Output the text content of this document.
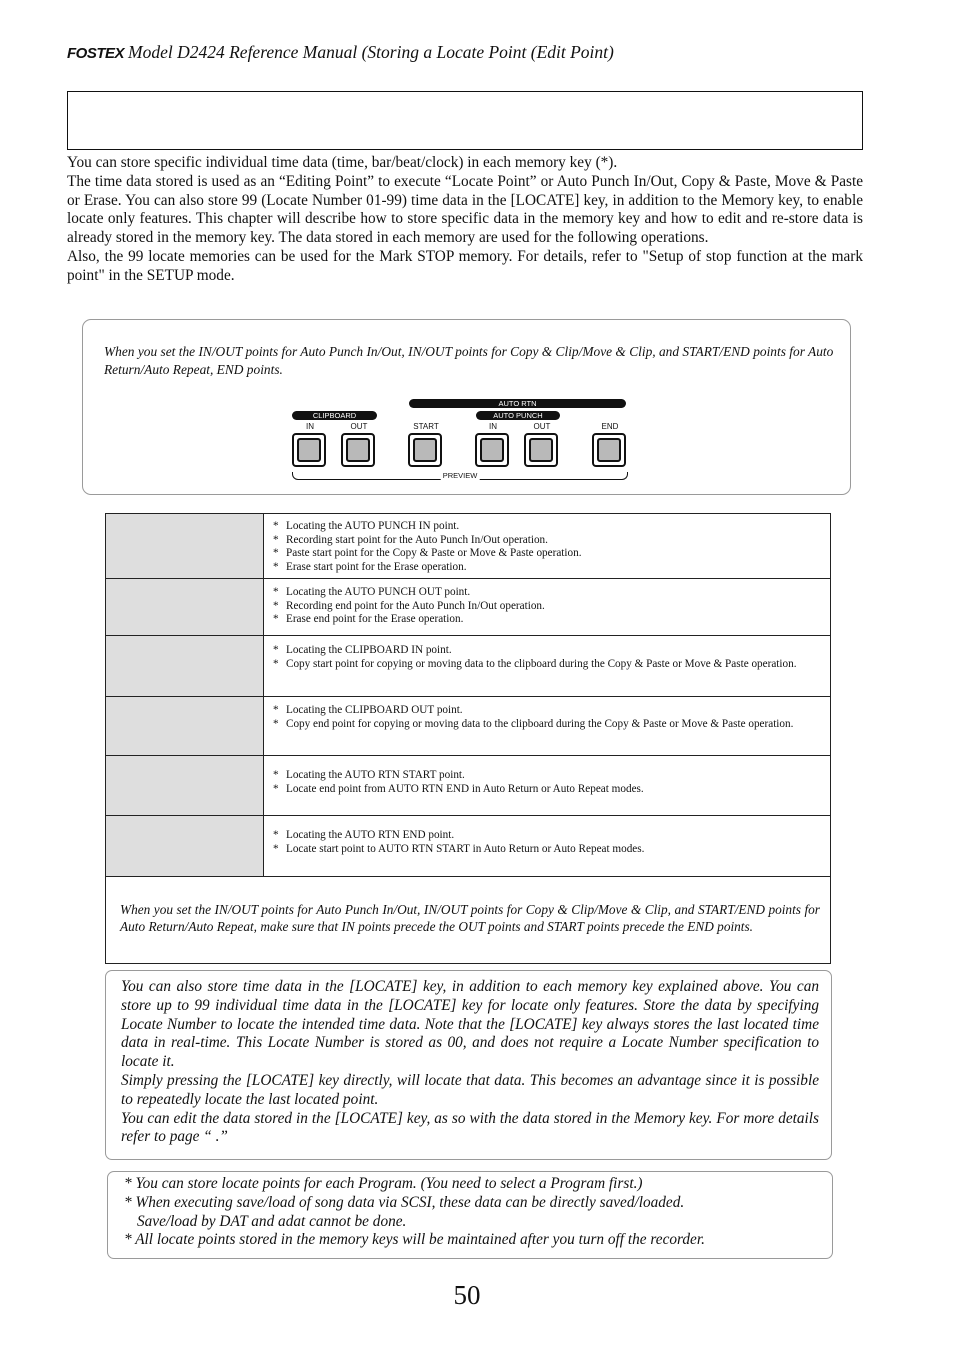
FOSTEX Model D2424 Reference Manual (Storing a Locate Point (Edit Point)

You can store specific individual time data (time, bar/beat/clock) in each memory key (*).

The time data stored is used as an “Editing Point” to execute “Locate Point” or Auto Punch In/Out, Copy & Paste, Move & Paste or Erase. You can also store 99 (Locate Number 01-99) time data in the [LOCATE] key, in addition to the Memory key, to enable locate only features. This chapter will describe how to store specific data in the memory key and how to edit and re-store data is already stored in the memory key. The data stored in each memory are used for the following operations.

Also, the 99 locate memories can be used for the Mark STOP memory. For details, refer to "Setup of stop function at the mark point" in the SETUP mode.

When you set the IN/OUT points for Auto Punch In/Out, IN/OUT points for Copy & Clip/Move & Clip, and START/END points for Auto Return/Auto Repeat, END points.
CLIPBOARD
AUTO RTN
AUTO PUNCH
IN	OUT	START	IN	OUT	END
PREVIEW
* Locating the AUTO PUNCH IN point.
* Recording start point for the Auto Punch In/Out operation.
* Paste start point for the Copy & Paste or Move & Paste operation.
* Erase start point for the Erase operation.
* Locating the AUTO PUNCH OUT point.
* Recording end point for the Auto Punch In/Out operation.
* Erase end point for the Erase operation.
* Locating the CLIPBOARD IN point.
* Copy start point for copying or moving data to the clipboard during the Copy & Paste or Move & Paste operation.
* Locating the CLIPBOARD OUT point.
* Copy end point for copying or moving data to the clipboard during the Copy & Paste or Move & Paste operation.
* Locating the AUTO RTN START point.
* Locate end point from AUTO RTN END in Auto Return or Auto Repeat modes.
* Locating the AUTO RTN END point.
* Locate start point to AUTO RTN START in Auto Return or Auto Repeat modes.
When you set the IN/OUT points for Auto Punch In/Out, IN/OUT points for Copy & Clip/Move & Clip, and START/END points for Auto Return/Auto Repeat, make sure that IN points precede the OUT points and START points precede the END points.

You can also store time data in the [LOCATE] key, in addition to each memory key explained above. You can store up to 99 individual time data in the [LOCATE] key for locate only features. Store the data by specifying Locate Number to locate the intended time data. Note that the [LOCATE] key always stores the last located time data in real-time. This Locate Number is stored as 00, and does not require a Locate Number specification to locate it.

Simply pressing the [LOCATE] key directly, will locate that data. This becomes an advantage since it is possible to repeatedly locate the last located point.

You can edit the data stored in the [LOCATE] key, as so with the data stored in the Memory key. For more details refer to page “ .”

* You can store locate points for each Program. (You need to select a Program first.)

* When executing save/load of song data via SCSI, these data can be directly saved/loaded.

Save/load by DAT and adat cannot be done.

* All locate points stored in the memory keys will be maintained after you turn off the recorder.

50
